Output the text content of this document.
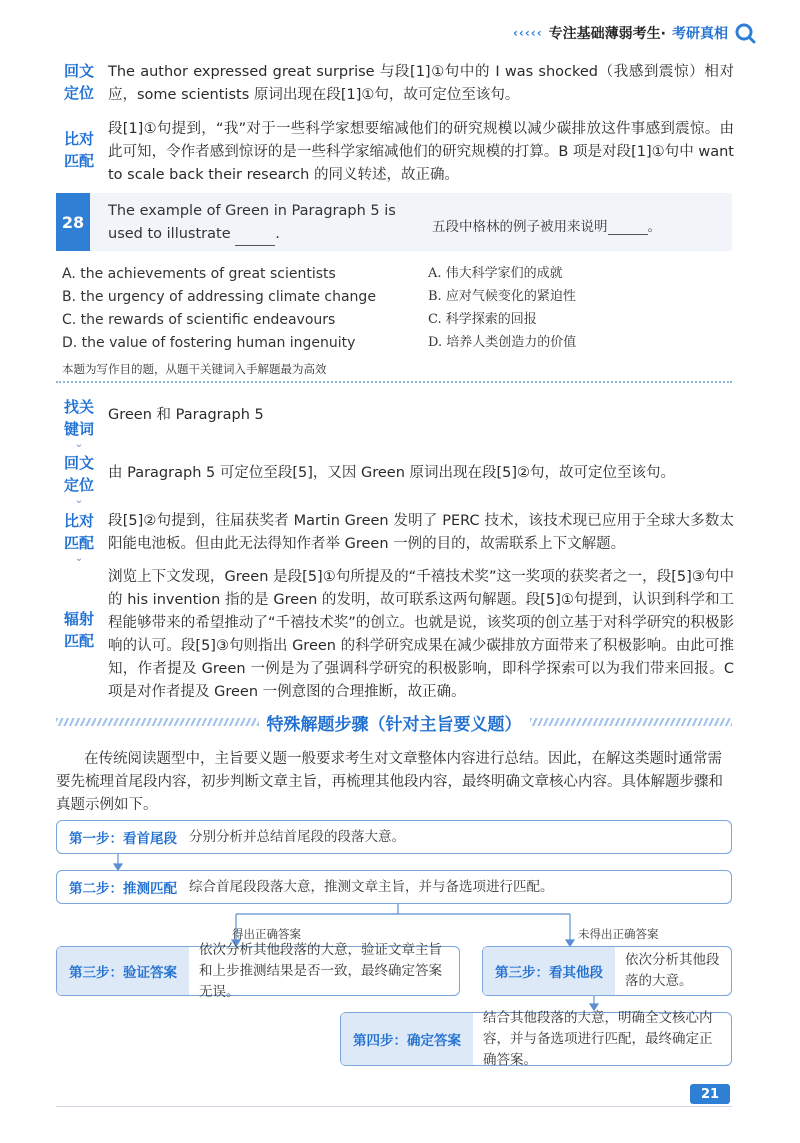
‹‹‹‹‹ 专注基础薄弱考生· 考研真相
回文
定位
The author expressed great surprise 与段[1]①句中的 I was shocked（我感到震惊）相对应，some scientists 原词出现在段[1]①句，故可定位至该句。
比对
匹配
段[1]①句提到，“我”对于一些科学家想要缩减他们的研究规模以减少碳排放这件事感到震惊。由此可知，令作者感到惊讶的是一些科学家缩减他们的研究规模的打算。B 项是对段[1]①句中 want to scale back their research 的同义转述，故正确。
28
The example of Green in Paragraph 5 is used to illustrate	.	五段中格林的例子被用来说明	。
A. the achievements of great scientists
B. the urgency of addressing climate change
C. the rewards of scientific endeavours
D. the value of fostering human ingenuity
A. 伟大科学家们的成就
B. 应对气候变化的紧迫性
C. 科学探索的回报
D. 培养人类创造力的价值
本题为写作目的题，从题干关键词入手解题最为高效
找关
键词
⌄
Green 和 Paragraph 5
回文
定位
⌄
由 Paragraph 5 可定位至段[5]，又因 Green 原词出现在段[5]②句，故可定位至该句。
比对
匹配
⌄
段[5]②句提到，往届获奖者 Martin Green 发明了 PERC 技术，该技术现已应用于全球大多数太阳能电池板。但由此无法得知作者举 Green 一例的目的，故需联系上下文解题。
辐射
匹配
浏览上下文发现，Green 是段[5]①句所提及的“千禧技术奖”这一奖项的获奖者之一，段[5]③句中的 his invention 指的是 Green 的发明，故可联系这两句解题。段[5]①句提到，认识到科学和工程能够带来的希望推动了“千禧技术奖”的创立。也就是说，该奖项的创立基于对科学研究的积极影响的认可。段[5]③句则指出 Green 的科学研究成果在减少碳排放方面带来了积极影响。由此可推知，作者提及 Green 一例是为了强调科学研究的积极影响，即科学探索可以为我们带来回报。C 项是对作者提及 Green 一例意图的合理推断，故正确。
特殊解题步骤（针对主旨要义题）
在传统阅读题型中，主旨要义题一般要求考生对文章整体内容进行总结。因此，在解这类题时通常需要先梳理首尾段内容，初步判断文章主旨，再梳理其他段内容，最终明确文章核心内容。具体解题步骤和真题示例如下。
得出正确答案	未得出正确答案
第一步：看首尾段 分别分析并总结首尾段的段落大意。
第二步：推测匹配 综合首尾段段落大意，推测文章主旨，并与备选项进行匹配。
第三步：验证答案
依次分析其他段落的大意，验证文章主旨和上步推测结果是否一致，最终确定答案无误。
第三步：看其他段
依次分析其他段落的大意。
第四步：确定答案
结合其他段落的大意，明确全文核心内容，并与备选项进行匹配，最终确定正确答案。
21
